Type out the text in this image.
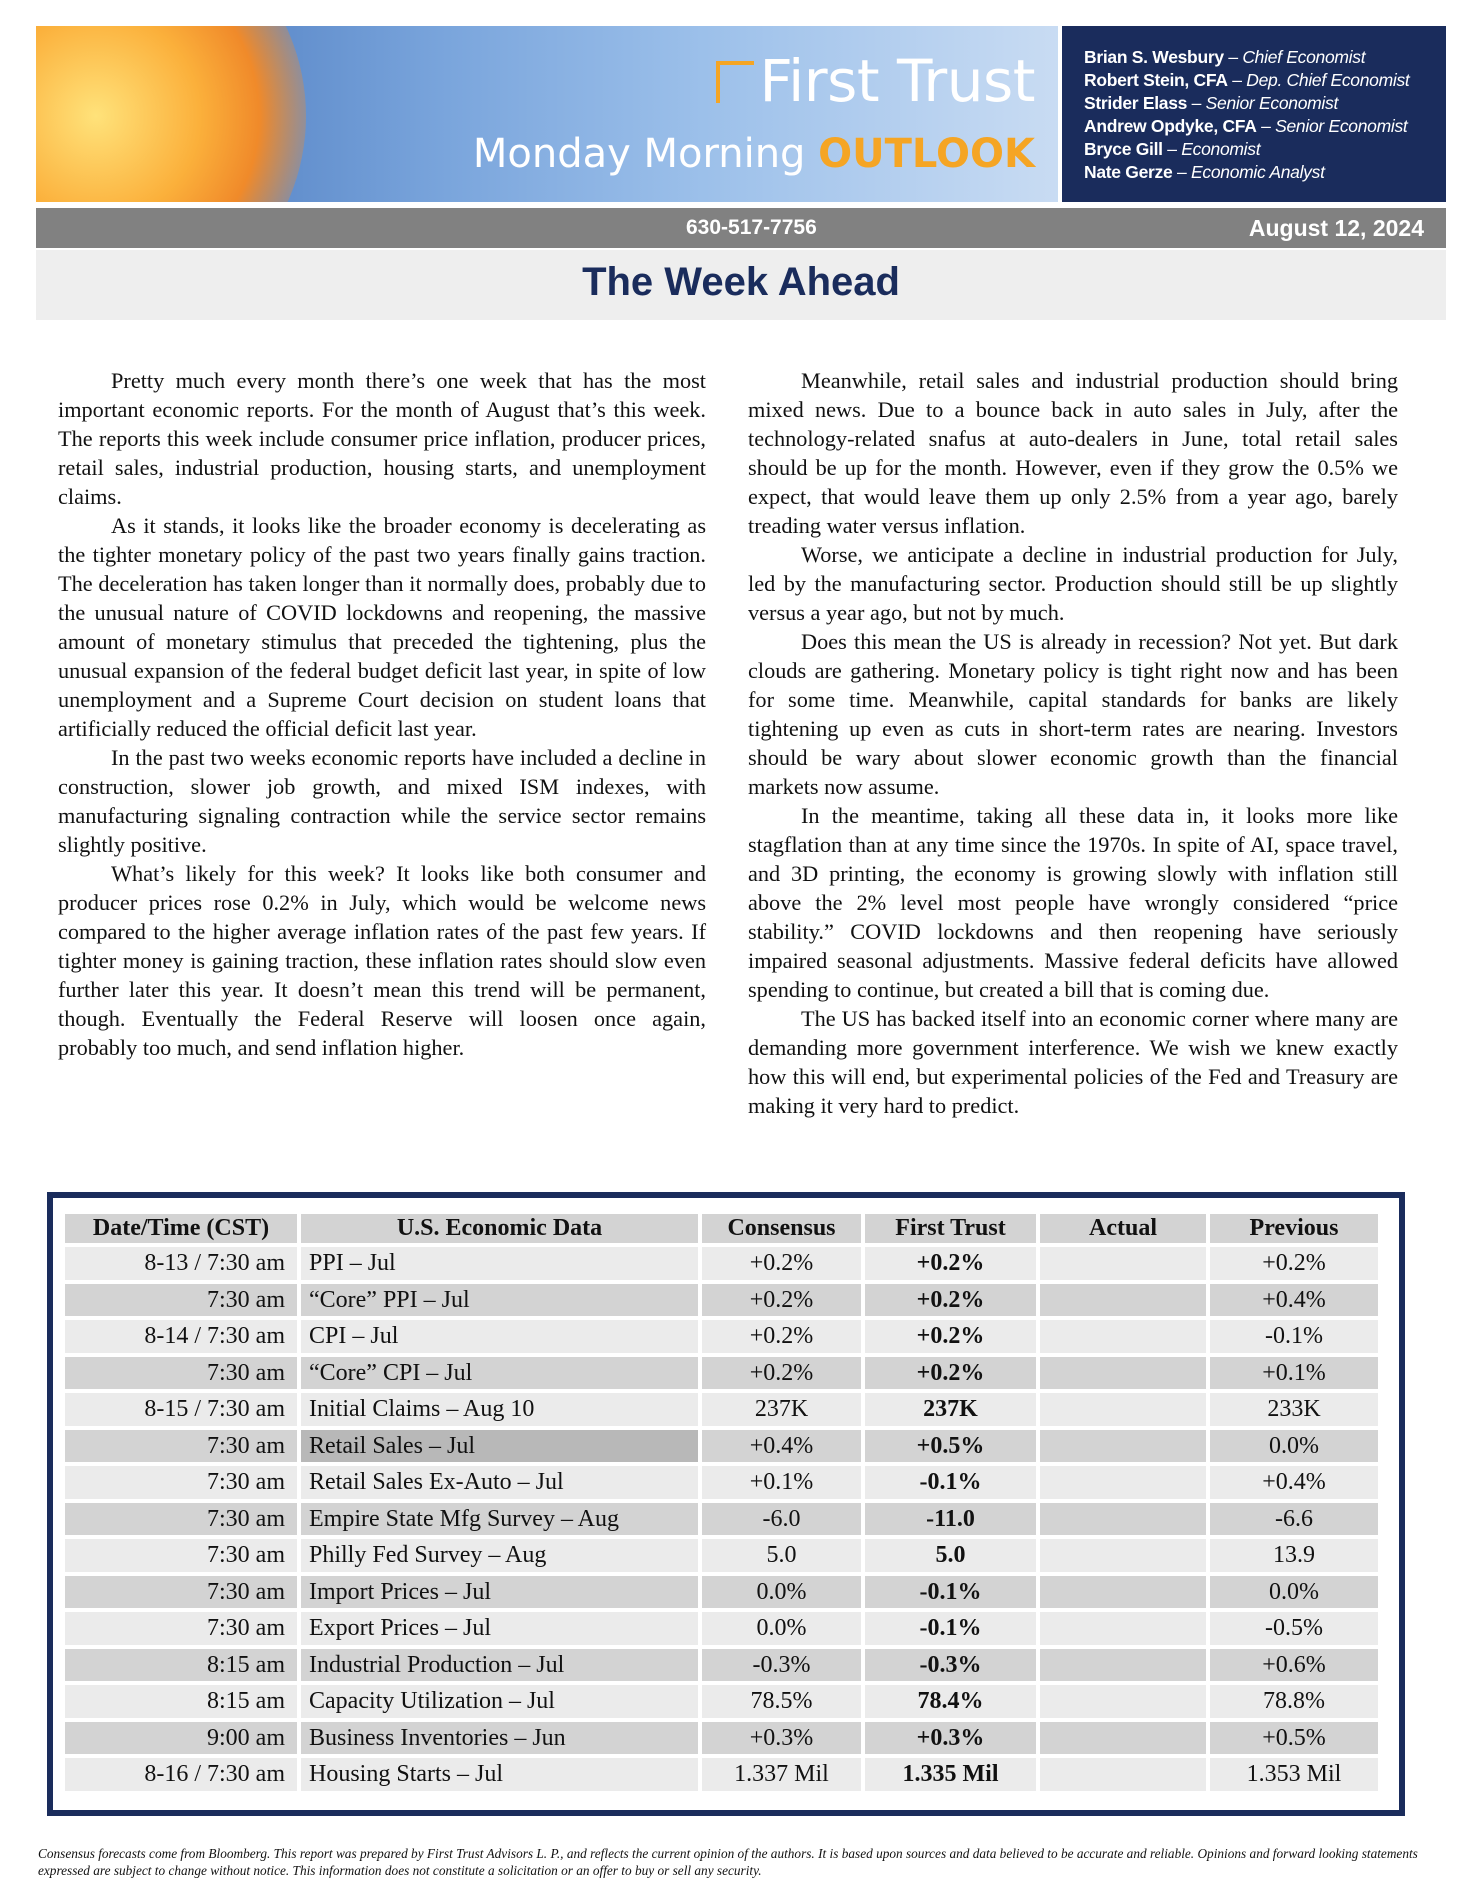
First Trust
Monday Morning OUTLOOK
Brian S. Wesbury – Chief Economist
Robert Stein, CFA – Dep. Chief Economist
Strider Elass – Senior Economist
Andrew Opdyke, CFA – Senior Economist
Bryce Gill – Economist
Nate Gerze – Economic Analyst
630-517-7756	August 12, 2024
The Week Ahead

Pretty much every month there’s one week that has the most important economic reports. For the month of August that’s this week. The reports this week include consumer price inflation, producer prices, retail sales, industrial production, housing starts, and unemployment claims.

As it stands, it looks like the broader economy is decelerating as the tighter monetary policy of the past two years finally gains traction. The deceleration has taken longer than it normally does, probably due to the unusual nature of COVID lockdowns and reopening, the massive amount of monetary stimulus that preceded the tightening, plus the unusual expansion of the federal budget deficit last year, in spite of low unemployment and a Supreme Court decision on student loans that artificially reduced the official deficit last year.

In the past two weeks economic reports have included a decline in construction, slower job growth, and mixed ISM indexes, with manufacturing signaling contraction while the service sector remains slightly positive.

What’s likely for this week? It looks like both consumer and producer prices rose 0.2% in July, which would be welcome news compared to the higher average inflation rates of the past few years. If tighter money is gaining traction, these inflation rates should slow even further later this year. It doesn’t mean this trend will be permanent, though. Eventually the Federal Reserve will loosen once again, probably too much, and send inflation higher.

Meanwhile, retail sales and industrial production should bring mixed news. Due to a bounce back in auto sales in July, after the technology-related snafus at auto-dealers in June, total retail sales should be up for the month. However, even if they grow the 0.5% we expect, that would leave them up only 2.5% from a year ago, barely treading water versus inflation.

Worse, we anticipate a decline in industrial production for July, led by the manufacturing sector. Production should still be up slightly versus a year ago, but not by much.

Does this mean the US is already in recession? Not yet. But dark clouds are gathering. Monetary policy is tight right now and has been for some time. Meanwhile, capital standards for banks are likely tightening up even as cuts in short-term rates are nearing. Investors should be wary about slower economic growth than the financial markets now assume.

In the meantime, taking all these data in, it looks more like stagflation than at any time since the 1970s. In spite of AI, space travel, and 3D printing, the economy is growing slowly with inflation still above the 2% level most people have wrongly considered “price stability.” COVID lockdowns and then reopening have seriously impaired seasonal adjustments. Massive federal deficits have allowed spending to continue, but created a bill that is coming due.

The US has backed itself into an economic corner where many are demanding more government interference. We wish we knew exactly how this will end, but experimental policies of the Fed and Treasury are making it very hard to predict.

Date/Time (CST)	U.S. Economic Data	Consensus	First Trust	Actual	Previous
8-13 / 7:30 am	PPI – Jul	+0.2%	+0.2%		+0.2%
7:30 am	“Core” PPI – Jul	+0.2%	+0.2%		+0.4%
8-14 / 7:30 am	CPI – Jul	+0.2%	+0.2%		-0.1%
7:30 am	“Core” CPI – Jul	+0.2%	+0.2%		+0.1%
8-15 / 7:30 am	Initial Claims – Aug 10	237K	237K		233K
7:30 am	Retail Sales – Jul	+0.4%	+0.5%		0.0%
7:30 am	Retail Sales Ex-Auto – Jul	+0.1%	-0.1%		+0.4%
7:30 am	Empire State Mfg Survey – Aug	-6.0	-11.0		-6.6
7:30 am	Philly Fed Survey – Aug	5.0	5.0		13.9
7:30 am	Import Prices – Jul	0.0%	-0.1%		0.0%
7:30 am	Export Prices – Jul	0.0%	-0.1%		-0.5%
8:15 am	Industrial Production – Jul	-0.3%	-0.3%		+0.6%
8:15 am	Capacity Utilization – Jul	78.5%	78.4%		78.8%
9:00 am	Business Inventories – Jun	+0.3%	+0.3%		+0.5%
8-16 / 7:30 am	Housing Starts – Jul	1.337 Mil	1.335 Mil		1.353 Mil
Consensus forecasts come from Bloomberg. This report was prepared by First Trust Advisors L. P., and reflects the current opinion of the authors. It is based upon sources and data believed to be accurate and reliable. Opinions and forward looking statements expressed are subject to change without notice. This information does not constitute a solicitation or an offer to buy or sell any security.
